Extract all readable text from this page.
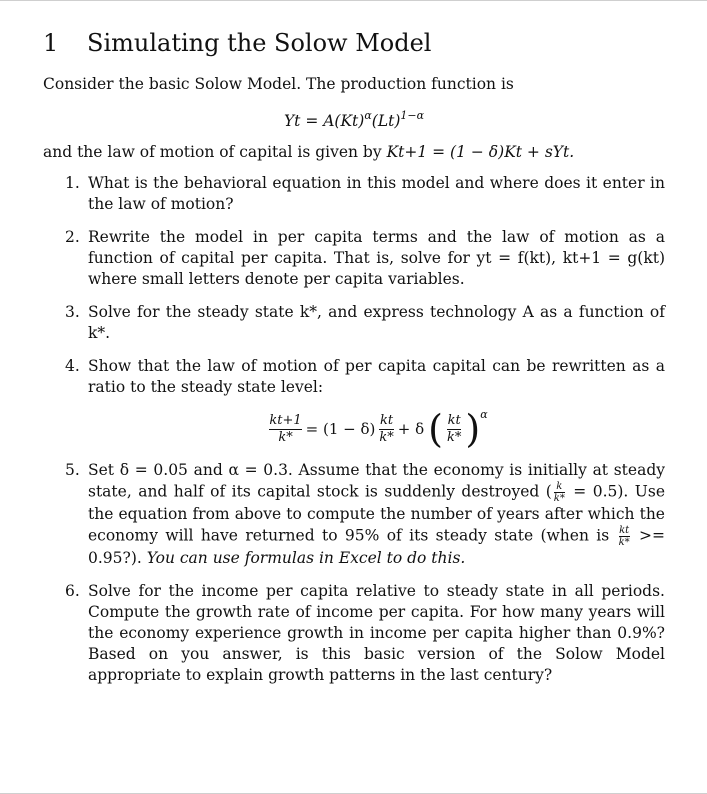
1 Simulating the Solow Model

Consider the basic Solow Model. The production function is

$Yt = A(Kt)^\alpha(Lt)^{1-\alpha}$

and the law of motion of capital is given by Kt+1 = (1 − δ)Kt + sYt.

1. What is the behavioral equation in this model and where does it enter in the law of motion?
2. Rewrite the model in per capita terms and the law of motion as a function of capital per capita. That is, solve for yt = f(kt), kt+1 = g(kt) where small letters denote per capita variables.
3. Solve for the steady state k*, and express technology A as a function of k*.
4. Show that the law of motion of per capita capital can be rewritten as a ratio to the steady state level:
$\frac{kt+1}{k*} = (1 - \delta) \frac{kt}{k*} + \delta$ ( $\frac{kt}{k*}$ ) α
5. Set δ = 0.05 and α = 0.3. Assume that the economy is initially at steady state, and half of its capital stock is suddenly destroyed ( $\frac{k}{k*} = 0.5$). Use the equation from above to compute the number of years after which the economy will have returned to 95% of its steady state (when is $\frac{kt}{k*}$ >= 0.95?). You can use formulas in Excel to do this.
6. Solve for the income per capita relative to steady state in all periods. Compute the growth rate of income per capita. For how many years will the economy experience growth in income per capita higher than 0.9%? Based on you answer, is this basic version of the Solow Model appropriate to explain growth patterns in the last century?
